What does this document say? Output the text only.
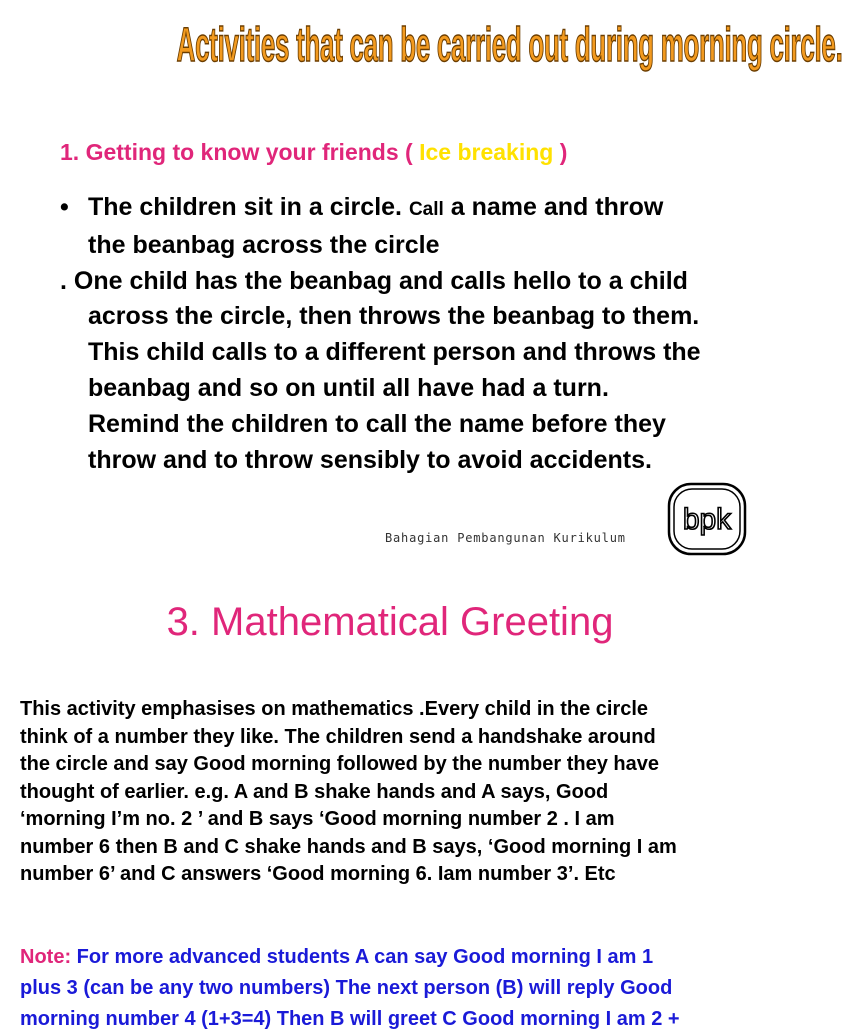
Activities that can be carried out during morning circle.
1. Getting to know your friends ( Ice breaking )
• The children sit in a circle. Call a name and throw
the beanbag across the circle
. One child has the beanbag and calls hello to a child
across the circle, then throws the beanbag to them.
This child calls to a different person and throws the
beanbag and so on until all have had a turn.
Remind the children to call the name before they
throw and to throw sensibly to avoid accidents.
Bahagian Pembangunan Kurikulum
bpk
3. Mathematical Greeting
This activity emphasises on mathematics .Every child in the circle
think of a number they like. The children send a handshake around
the circle and say Good morning followed by the number they have
thought of earlier. e.g. A and B shake hands and A says, Good
‘morning I’m no. 2 ’ and B says ‘Good morning number 2 . I am
number 6 then B and C shake hands and B says, ‘Good morning I am
number 6’ and C answers ‘Good morning 6. Iam number 3’. Etc
Note: For more advanced students A can say Good morning I am 1
plus 3 (can be any two numbers) The next person (B) will reply Good
morning number 4 (1+3=4) Then B will greet C Good morning I am 2 +
